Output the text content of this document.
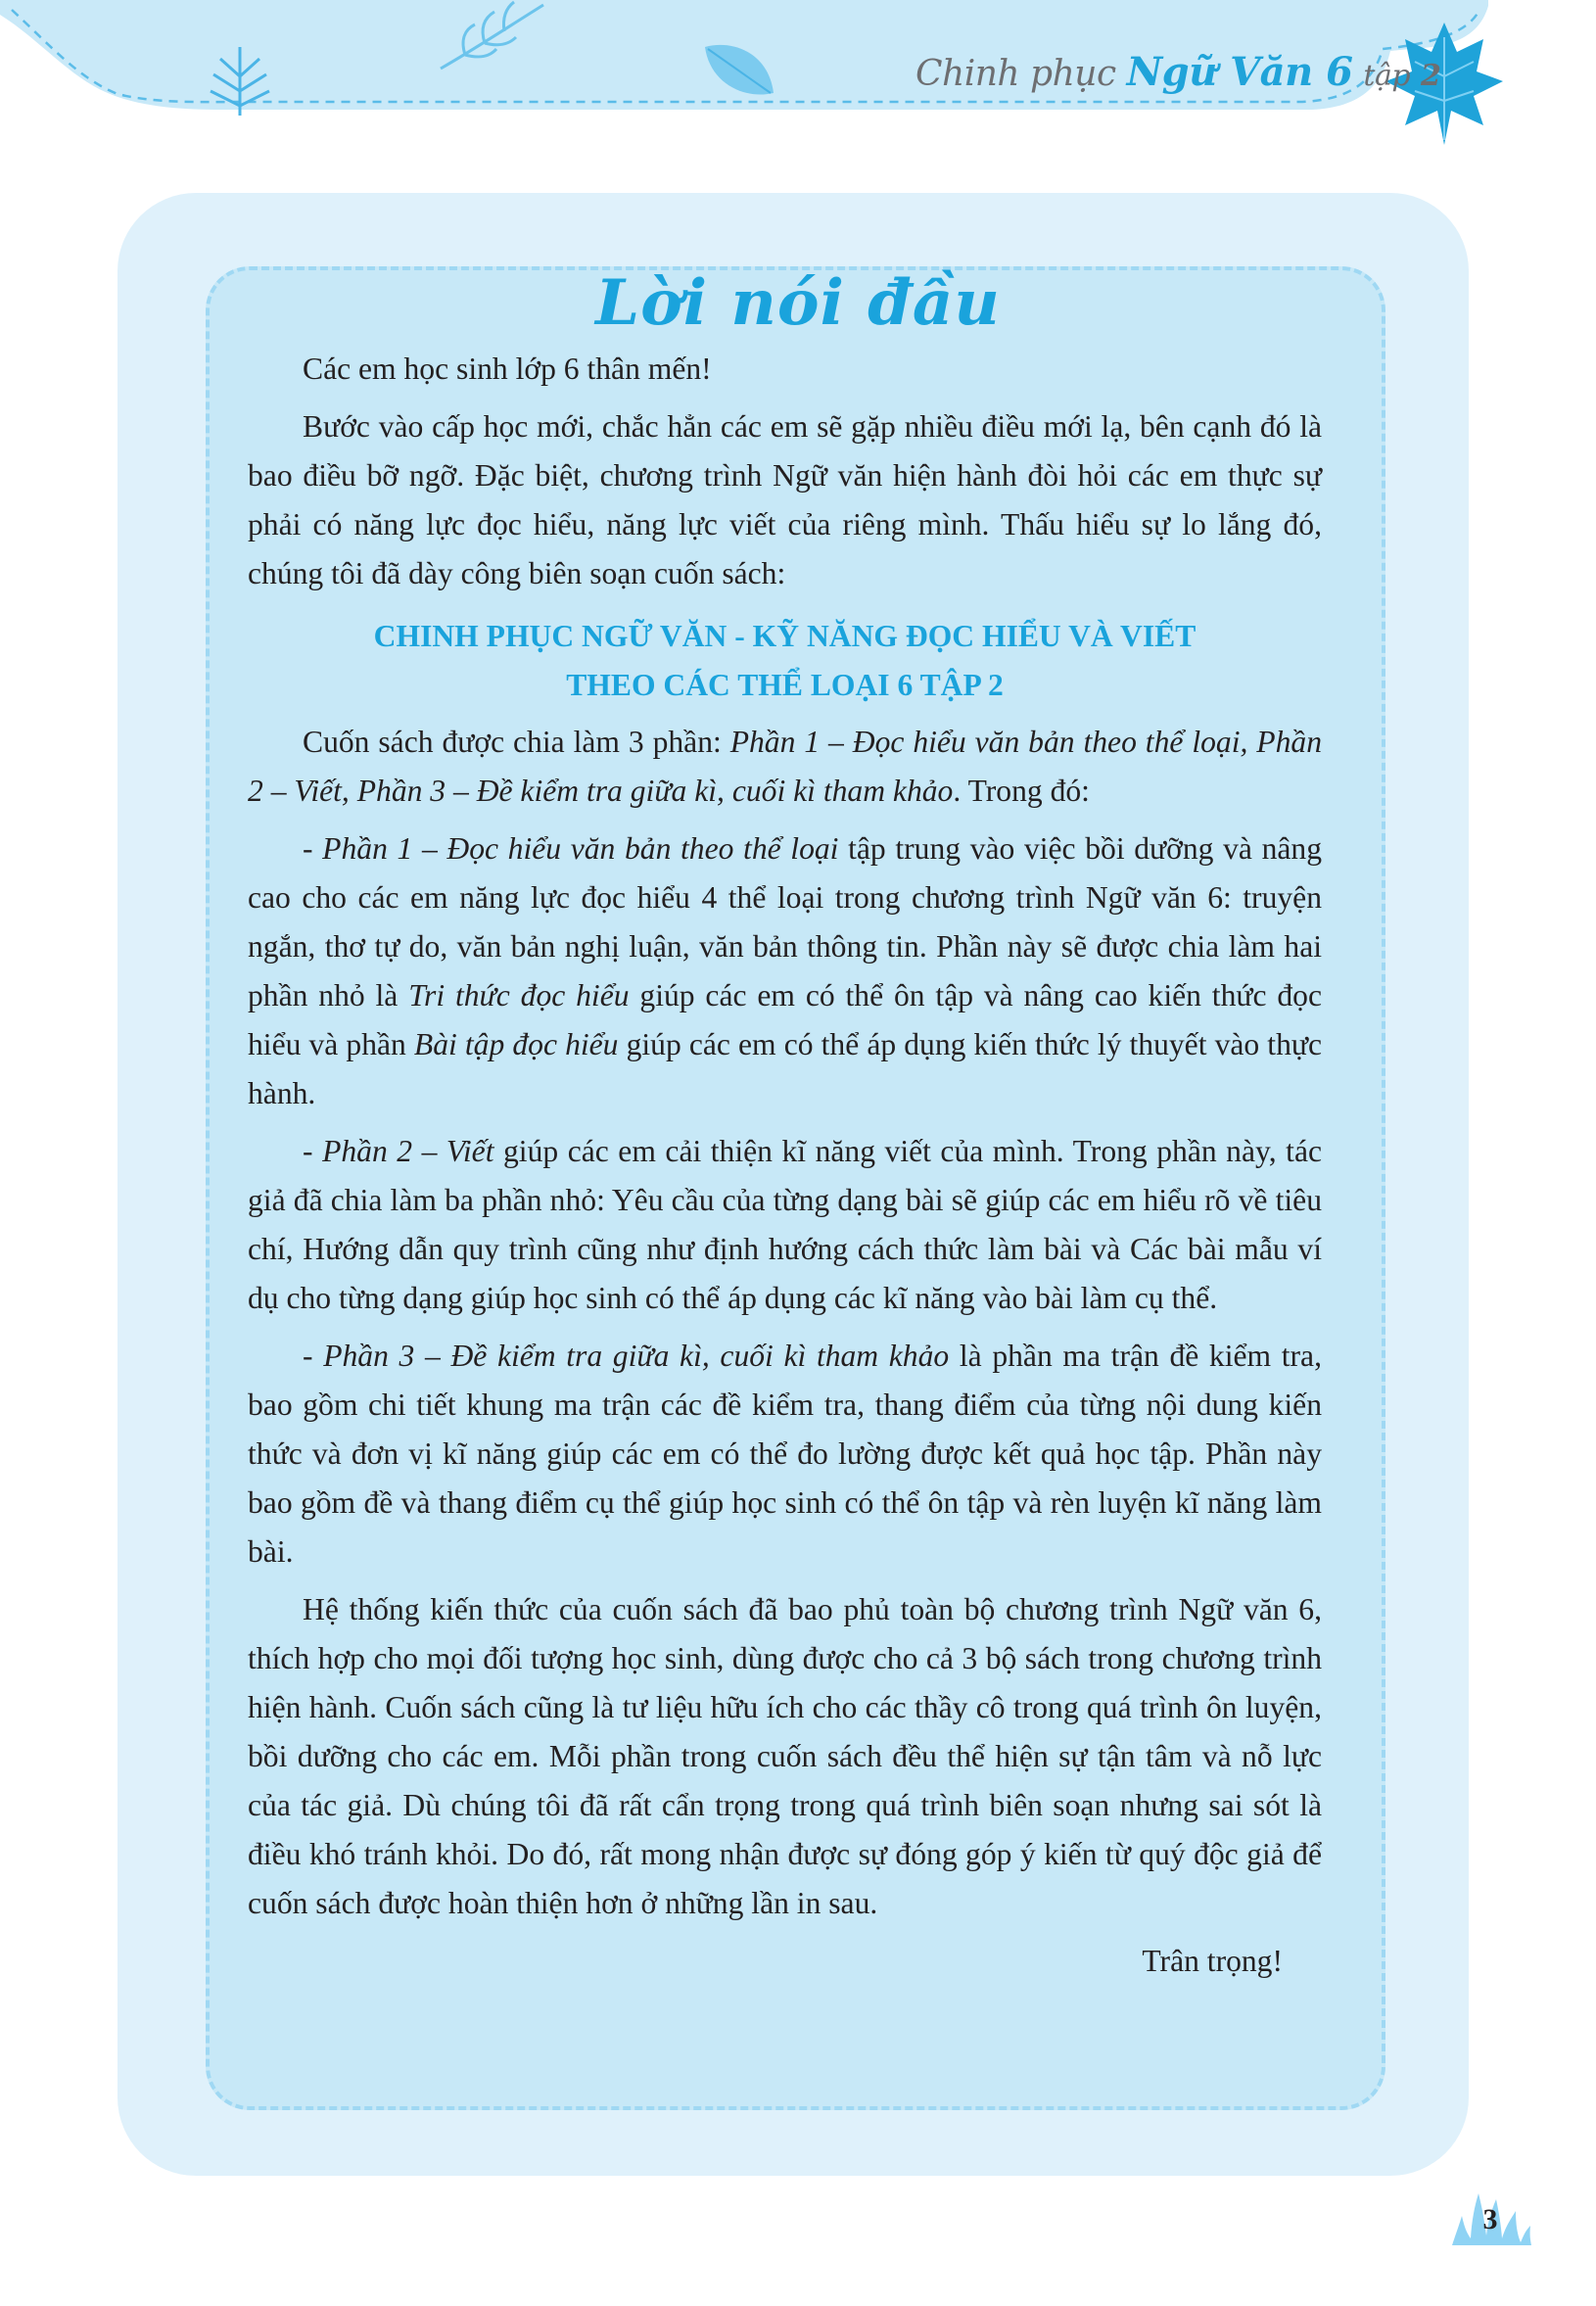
Chinh phục Ngữ Văn 6 tập 2
Lời nói đầu

Các em học sinh lớp 6 thân mến!

Bước vào cấp học mới, chắc hẳn các em sẽ gặp nhiều điều mới lạ, bên cạnh đó là bao điều bỡ ngỡ. Đặc biệt, chương trình Ngữ văn hiện hành đòi hỏi các em thực sự phải có năng lực đọc hiểu, năng lực viết của riêng mình. Thấu hiểu sự lo lắng đó, chúng tôi đã dày công biên soạn cuốn sách:

CHINH PHỤC NGỮ VĂN - KỸ NĂNG ĐỌC HIỂU VÀ VIẾT
THEO CÁC THỂ LOẠI 6 TẬP 2

Cuốn sách được chia làm 3 phần: Phần 1 – Đọc hiểu văn bản theo thể loại, Phần 2 – Viết, Phần 3 – Đề kiểm tra giữa kì, cuối kì tham khảo. Trong đó:

- Phần 1 – Đọc hiểu văn bản theo thể loại tập trung vào việc bồi dưỡng và nâng cao cho các em năng lực đọc hiểu 4 thể loại trong chương trình Ngữ văn 6: truyện ngắn, thơ tự do, văn bản nghị luận, văn bản thông tin. Phần này sẽ được chia làm hai phần nhỏ là Tri thức đọc hiểu giúp các em có thể ôn tập và nâng cao kiến thức đọc hiểu và phần Bài tập đọc hiểu giúp các em có thể áp dụng kiến thức lý thuyết vào thực hành.

- Phần 2 – Viết giúp các em cải thiện kĩ năng viết của mình. Trong phần này, tác giả đã chia làm ba phần nhỏ: Yêu cầu của từng dạng bài sẽ giúp các em hiểu rõ về tiêu chí, Hướng dẫn quy trình cũng như định hướng cách thức làm bài và Các bài mẫu ví dụ cho từng dạng giúp học sinh có thể áp dụng các kĩ năng vào bài làm cụ thể.

- Phần 3 – Đề kiểm tra giữa kì, cuối kì tham khảo là phần ma trận đề kiểm tra, bao gồm chi tiết khung ma trận các đề kiểm tra, thang điểm của từng nội dung kiến thức và đơn vị kĩ năng giúp các em có thể đo lường được kết quả học tập. Phần này bao gồm đề và thang điểm cụ thể giúp học sinh có thể ôn tập và rèn luyện kĩ năng làm bài.

Hệ thống kiến thức của cuốn sách đã bao phủ toàn bộ chương trình Ngữ văn 6, thích hợp cho mọi đối tượng học sinh, dùng được cho cả 3 bộ sách trong chương trình hiện hành. Cuốn sách cũng là tư liệu hữu ích cho các thầy cô trong quá trình ôn luyện, bồi dưỡng cho các em. Mỗi phần trong cuốn sách đều thể hiện sự tận tâm và nỗ lực của tác giả. Dù chúng tôi đã rất cẩn trọng trong quá trình biên soạn nhưng sai sót là điều khó tránh khỏi. Do đó, rất mong nhận được sự đóng góp ý kiến từ quý độc giả để cuốn sách được hoàn thiện hơn ở những lần in sau.

Trân trọng!

3
